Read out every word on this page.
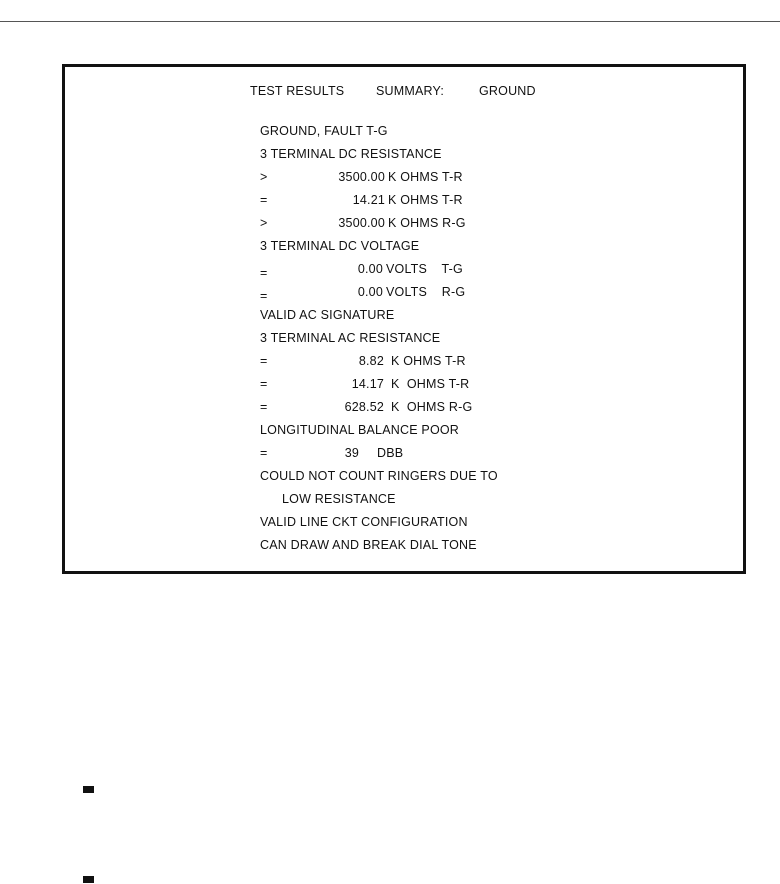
TEST RESULTS

	SUMMARY:

	GROUND

GROUND, FAULT T-G
3 TERMINAL DC RESISTANCE
>	3500.00 K OHMS T-R
=	14.21 K OHMS T-R
>	3500.00 K OHMS R-G
3 TERMINAL DC VOLTAGE
=	0.00 VOLTS    T-G
=	0.00 VOLTS    R-G
VALID AC SIGNATURE
3 TERMINAL AC RESISTANCE
=	8.82 K OHMS T-R
=	14.17 K  OHMS T-R
=	628.52 K  OHMS R-G
LONGITUDINAL BALANCE POOR
=	39 DBB
COULD NOT COUNT RINGERS DUE TO
LOW RESISTANCE
VALID LINE CKT CONFIGURATION
CAN DRAW AND BREAK DIAL TONE
